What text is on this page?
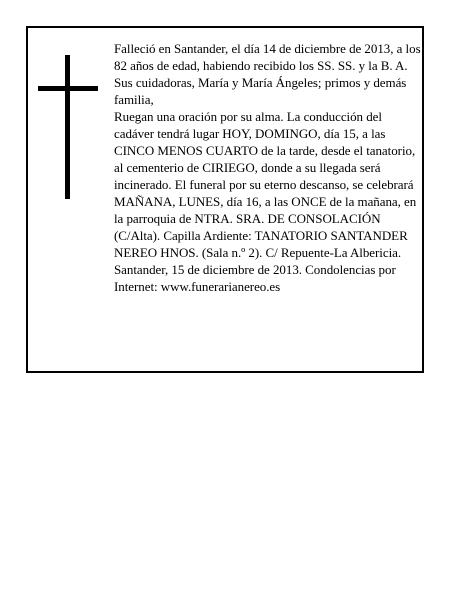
Falleció en Santander, el día 14 de diciembre de 2013, a los 82 años de edad, habiendo recibido los SS. SS. y la B. A.

Sus cuidadoras, María y María Ángeles; primos y demás familia,

Ruegan una oración por su alma. La conducción del cadáver tendrá lugar HOY, DOMINGO, día 15, a las CINCO MENOS CUARTO de la tarde, desde el tanatorio, al cementerio de CIRIEGO, donde a su llegada será incinerado. El funeral por su eterno descanso, se celebrará MAÑANA, LUNES, día 16, a las ONCE de la mañana, en la parroquia de NTRA. SRA. DE CONSOLACIÓN (C/Alta). Capilla Ardiente: TANATORIO SANTANDER NEREO HNOS. (Sala n.º 2). C/ Repuente-La Albericia.

Santander, 15 de diciembre de 2013. Condolencias por Internet: www.funerarianereo.es
